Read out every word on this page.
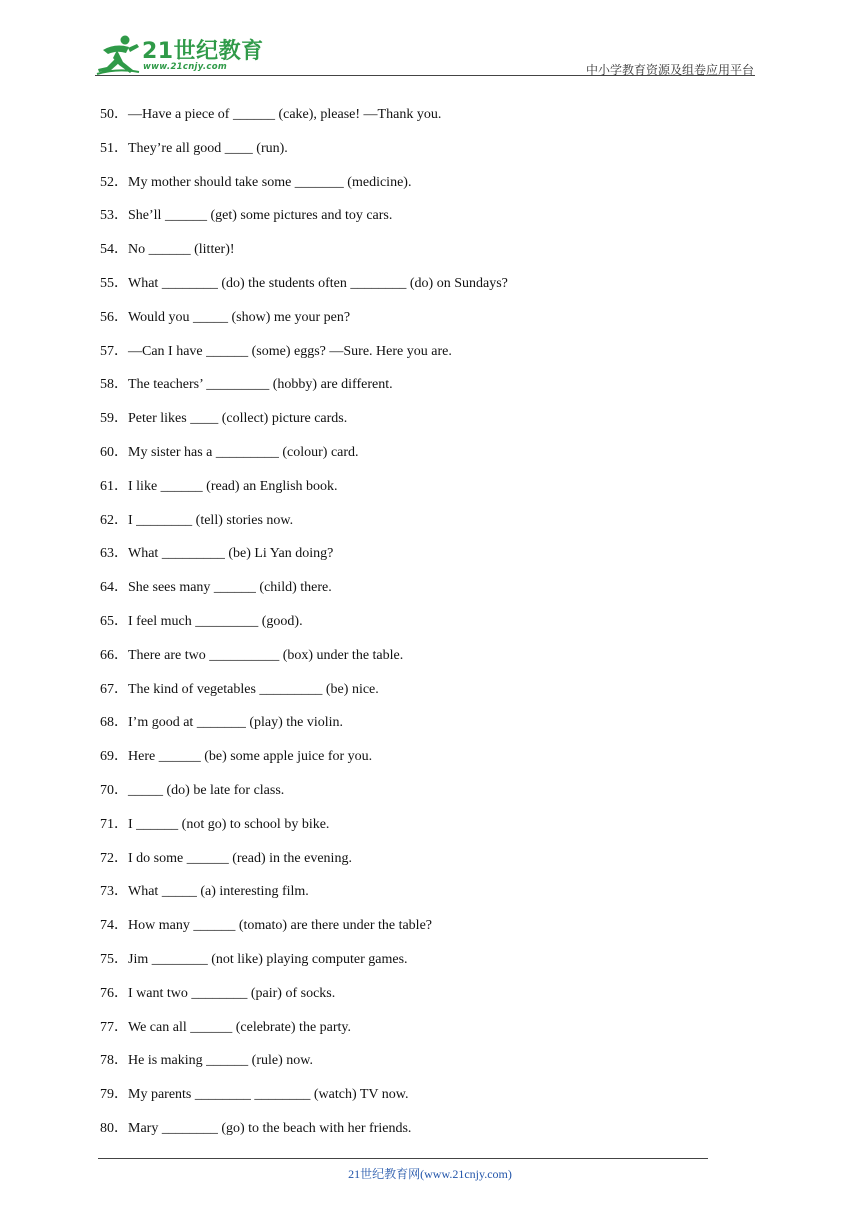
21世纪教育
www.21cnjy.com	中小学教育资源及组卷应用平台
50．—Have a piece of ______ (cake), please! —Thank you.
51．They’re all good ____ (run).
52．My mother should take some _______ (medicine).
53．She’ll ______ (get) some pictures and toy cars.
54．No ______ (litter)!
55．What ________ (do) the students often ________ (do) on Sundays?
56．Would you _____ (show) me your pen?
57．—Can I have ______ (some) eggs? —Sure. Here you are.
58．The teachers’ _________ (hobby) are different.
59．Peter likes ____ (collect) picture cards.
60．My sister has a _________ (colour) card.
61．I like ______ (read) an English book.
62．I ________ (tell) stories now.
63．What _________ (be) Li Yan doing?
64．She sees many ______ (child) there.
65．I feel much _________ (good).
66．There are two __________ (box) under the table.
67．The kind of vegetables _________ (be) nice.
68．I’m good at _______ (play) the violin.
69．Here ______ (be) some apple juice for you.
70．_____ (do) be late for class.
71．I ______ (not go) to school by bike.
72．I do some ______ (read) in the evening.
73．What _____ (a) interesting film.
74．How many ______ (tomato) are there under the table?
75．Jim ________ (not like) playing computer games.
76．I want two ________ (pair) of socks.
77．We can all ______ (celebrate) the party.
78．He is making ______ (rule) now.
79．My parents ________ ________ (watch) TV now.
80．Mary ________ (go) to the beach with her friends.
21世纪教育网(www.21cnjy.com)
